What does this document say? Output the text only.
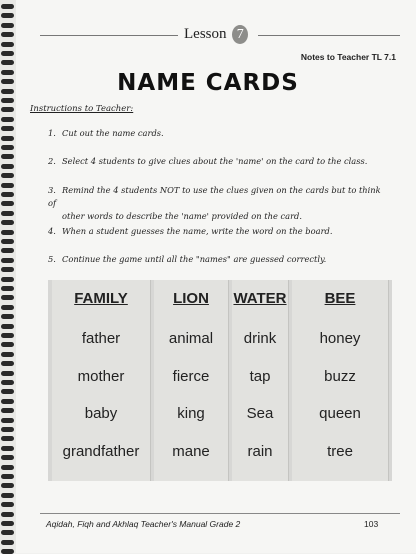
Lesson 7
Notes to Teacher TL 7.1
NAME CARDS
Instructions to Teacher:
1. Cut out the name cards.
2. Select 4 students to give clues about the 'name' on the card to the class.
3. Remind the 4 students NOT to use the clues given on the cards but to think of
other words to describe the 'name' provided on the card.
4. When a student guesses the name, write the word on the board.
5. Continue the game until all the "names" are guessed correctly.
FAMILY
father
mother
baby
grandfather
LION
animal
fierce
king
mane
WATER
drink
tap
Sea
rain
BEE
honey
buzz
queen
tree
Aqidah, Fiqh and Akhlaq Teacher's Manual Grade 2	103
